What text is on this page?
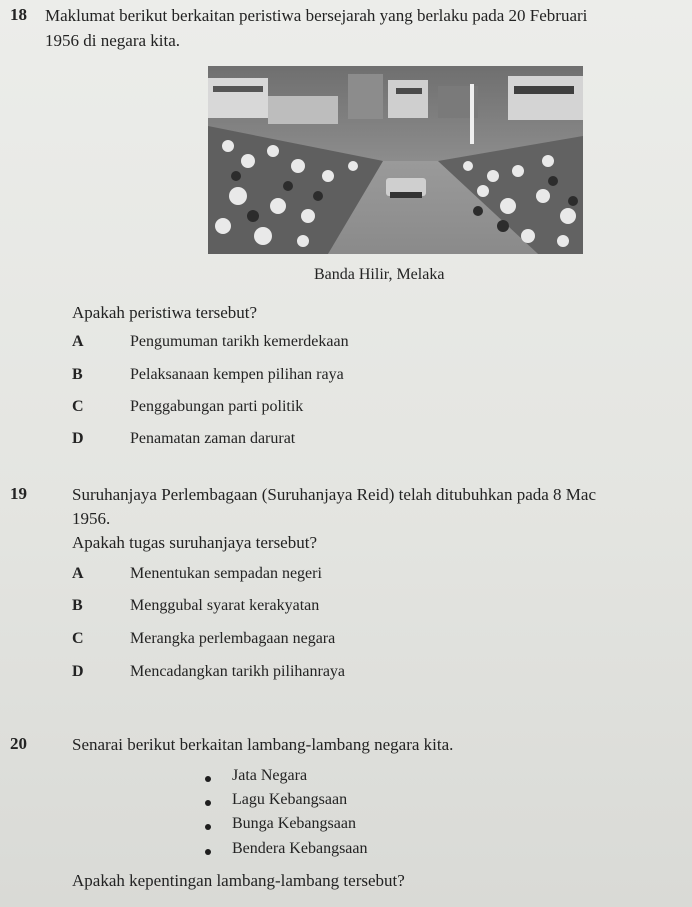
18 Maklumat berikut berkaitan peristiwa bersejarah yang berlaku pada 20 Februari
1956 di negara kita.
Banda Hilir, Melaka
Apakah peristiwa tersebut?
A	Pengumuman tarikh kemerdekaan
B	Pelaksanaan kempen pilihan raya
C	Penggabungan parti politik
D	Penamatan zaman darurat
19	Suruhanjaya Perlembagaan (Suruhanjaya Reid) telah ditubuhkan pada 8 Mac
1956.
Apakah tugas suruhanjaya tersebut?
A	Menentukan sempadan negeri
B	Menggubal syarat kerakyatan
C	Merangka perlembagaan negara
D	Mencadangkan tarikh pilihanraya
20	Senarai berikut berkaitan lambang-lambang negara kita.
Jata Negara
Lagu Kebangsaan
Bunga Kebangsaan
Bendera Kebangsaan
Apakah kepentingan lambang-lambang tersebut?
